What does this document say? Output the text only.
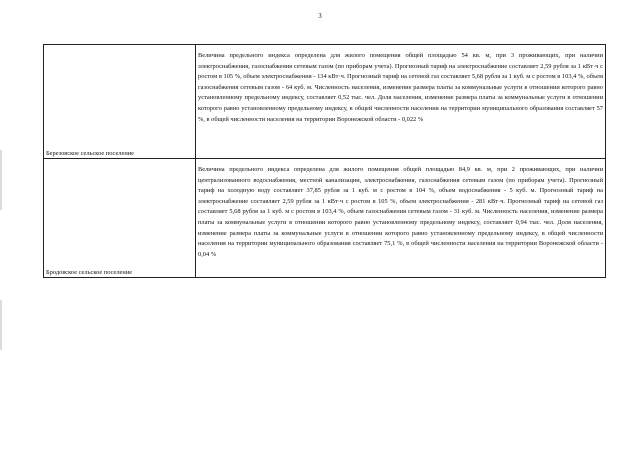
3
Березовское сельское поселение	Величина предельного индекса определена для жилого помещения общей площадью 54 кв. м, при 3 проживающих, при наличии электроснабжения, газоснабжения сетевым газом (по приборам учета). Прогнозный тариф на электроснабжение составляет 2,59 рубля за 1 кВт·ч с ростом в 105 %, объем электроснабжения - 134 кВт·ч. Прогнозный тариф на сетевой газ составляет 5,68 рубля за 1 куб. м с ростом в 103,4 %, объем газоснабжения сетевым газом - 64 куб. м. Численность населения, изменение размера платы за коммунальные услуги в отношении которого равно установленному предельному индексу, составляет 0,52 тыс. чел. Доля населения, изменение размера платы за коммунальные услуги в отношении которого равно установленному предельному индексу, в общей численности населения на территории муниципального образования составляет 57 %, в общей численности населения на территории Воронежской области - 0,022 %
Бродовское сельское поселение	Величина предельного индекса определена для жилого помещения общей площадью 84,9 кв. м, при 2 проживающих, при наличии централизованного водоснабжения, местной канализации, электроснабжения, газоснабжения сетевым газом (по приборам учета). Прогнозный тариф на холодную воду составляет 37,85 рубля за 1 куб. м с ростом в 104 %, объем водоснабжения - 5 куб. м. Прогнозный тариф на электроснабжение составляет 2,59 рубля за 1 кВт·ч с ростом в 105 %, объем электроснабжения - 281 кВт·ч. Прогнозный тариф на сетевой газ составляет 5,68 рубля за 1 куб. м с ростом в 103,4 %, объем газоснабжения сетевым газом - 31 куб. м. Численность населения, изменение размера платы за коммунальные услуги в отношении которого равно установленному предельному индексу, составляет 0,94 тыс. чел. Доля населения, изменение размера платы за коммунальные услуги в отношении которого равно установленному предельному индексу, в общей численности населения на территории муниципального образования составляет 75,1 %, в общей численности населения на территории Воронежской области - 0,04 %
